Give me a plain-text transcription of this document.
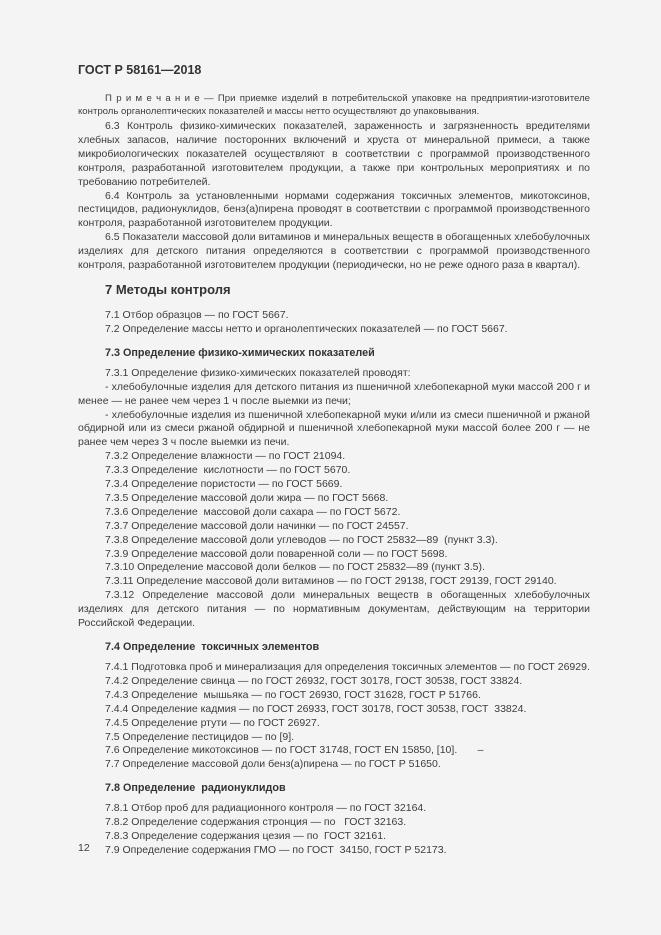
ГОСТ Р 58161—2018
П р и м е ч а н и е — При приемке изделий в потребительской упаковке на предприятии-изготовителе контроль органолептических показателей и массы нетто осуществляют до упаковывания.
6.3 Контроль физико-химических показателей, зараженность и загрязненность вредителями хлебных запасов, наличие посторонних включений и хруста от минеральной примеси, а также микробиологических показателей осуществляют в соответствии с программой производственного контроля, разработанной изготовителем продукции, а также при контрольных мероприятиях и по требованию потребителей.
6.4 Контроль за установленными нормами содержания токсичных элементов, микотоксинов, пестицидов, радионуклидов, бенз(а)пирена проводят в соответствии с программой производственного контроля, разработанной изготовителем продукции.
6.5 Показатели массовой доли витаминов и минеральных веществ в обогащенных хлебобулочных изделиях для детского питания определяются в соответствии с программой производственного контроля, разработанной изготовителем продукции (периодически, но не реже одного раза в квартал).
7 Методы контроля
7.1 Отбор образцов — по ГОСТ 5667.
7.2 Определение массы нетто и органолептических показателей — по ГОСТ 5667.
7.3 Определение физико-химических показателей
7.3.1 Определение физико-химических показателей проводят:
- хлебобулочные изделия для детского питания из пшеничной хлебопекарной муки массой 200 г и менее — не ранее чем через 1 ч после выемки из печи;
- хлебобулочные изделия из пшеничной хлебопекарной муки и/или из смеси пшеничной и ржаной обдирной или из смеси ржаной обдирной и пшеничной хлебопекарной муки массой более 200 г — не ранее чем через 3 ч после выемки из печи.
7.3.2 Определение влажности — по ГОСТ 21094.
7.3.3 Определение  кислотности — по ГОСТ 5670.
7.3.4 Определение пористости — по ГОСТ 5669.
7.3.5 Определение массовой доли жира — по ГОСТ 5668.
7.3.6 Определение  массовой доли сахара — по ГОСТ 5672.
7.3.7 Определение массовой доли начинки — по ГОСТ 24557.
7.3.8 Определение массовой доли углеводов — по ГОСТ 25832—89  (пункт 3.3).
7.3.9 Определение массовой доли поваренной соли — по ГОСТ 5698.
7.3.10 Определение массовой доли белков — по ГОСТ 25832—89 (пункт 3.5).
7.3.11 Определение массовой доли витаминов — по ГОСТ 29138, ГОСТ 29139, ГОСТ 29140.
7.3.12 Определение массовой доли минеральных веществ в обогащенных хлебобулочных изделиях для детского питания — по нормативным документам, действующим на территории Российской Федерации.
7.4 Определение  токсичных элементов
7.4.1 Подготовка проб и минерализация для определения токсичных элементов — по ГОСТ 26929.
7.4.2 Определение свинца — по ГОСТ 26932, ГОСТ 30178, ГОСТ 30538, ГОСТ 33824.
7.4.3 Определение  мышьяка — по ГОСТ 26930, ГОСТ 31628, ГОСТ Р 51766.
7.4.4 Определение кадмия — по ГОСТ 26933, ГОСТ 30178, ГОСТ 30538, ГОСТ  33824.
7.4.5 Определение ртути — по ГОСТ 26927.
7.5 Определение пестицидов — по [9].
7.6 Определение микотоксинов — по ГОСТ 31748, ГОСТ EN 15850, [10].       –
7.7 Определение массовой доли бенз(а)пирена — по ГОСТ Р 51650.
7.8 Определение  радионуклидов
7.8.1 Отбор проб для радиационного контроля — по ГОСТ 32164.
7.8.2 Определение содержания стронция — по   ГОСТ 32163.
7.8.3 Определение содержания цезия — по  ГОСТ 32161.
7.9 Определение содержания ГМО — по ГОСТ  34150, ГОСТ Р 52173.
12
